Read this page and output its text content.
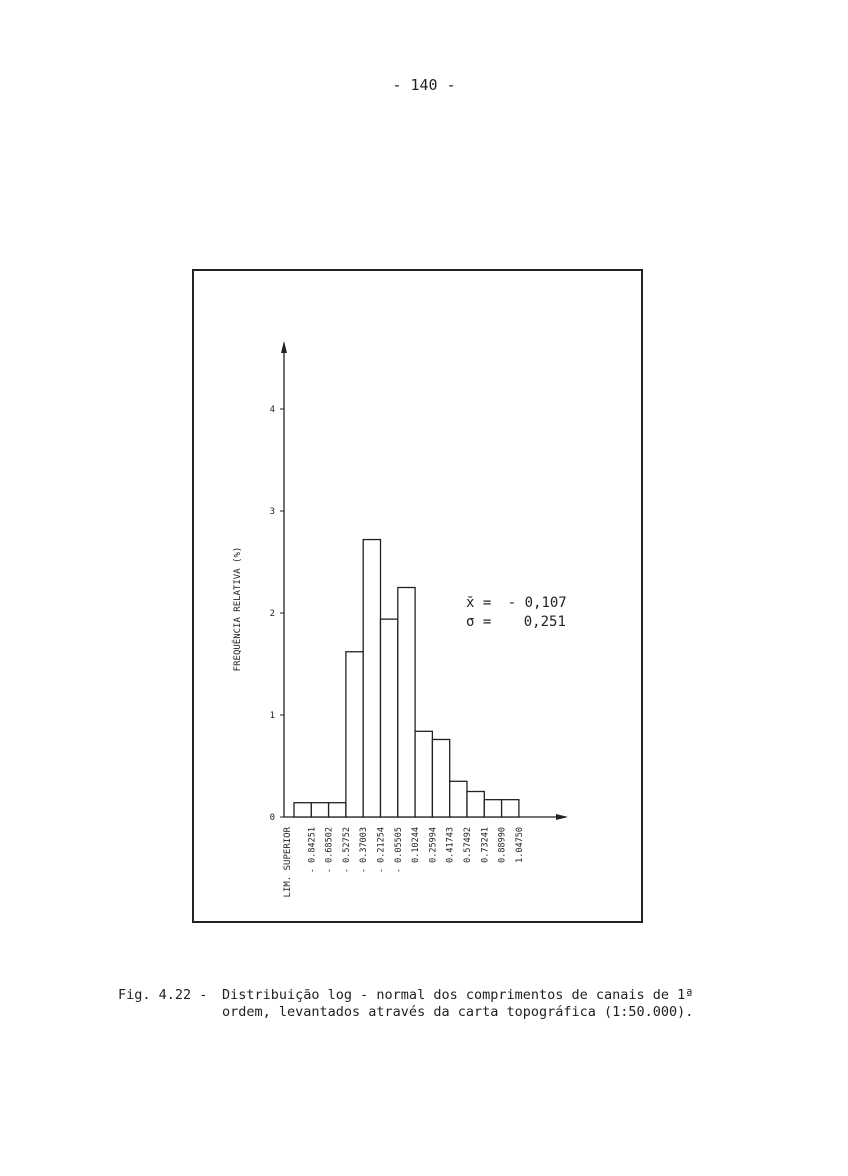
- 140 -
0
1
2
3
4
- 0.84251 - 0.68502 - 0.52752 - 0.37003 - 0.21254 - 0.05505 0.10244 0.25994 0.41743 0.57492 0.73241 0.88990 1.04750
FREQUÊNCIA RELATIVA (%)
LIM. SUPERIOR
x̄ = - 0,107
σ = 0,251
Fig. 4.22 - Distribuição log - normal dos comprimentos de canais de 1ª
ordem, levantados através da carta topográfica (1:50.000).
